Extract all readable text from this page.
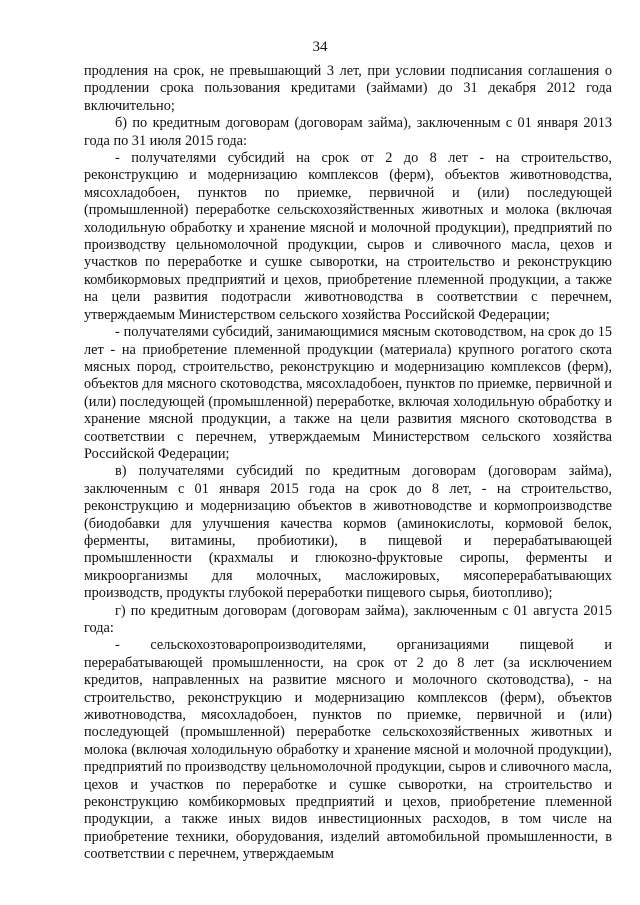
34

продления на срок, не превышающий 3 лет, при условии подписания соглашения о продлении срока пользования кредитами (займами) до 31 декабря 2012 года включительно;

б) по кредитным договорам (договорам займа), заключенным с 01 января 2013 года по 31 июля 2015 года:

- получателями субсидий на срок от 2 до 8 лет - на строительство, реконструкцию и модернизацию комплексов (ферм), объектов животноводства, мясохладобоен, пунктов по приемке, первичной и (или) последующей (промышленной) переработке сельскохозяйственных животных и молока (включая холодильную обработку и хранение мясной и молочной продукции), предприятий по производству цельномолочной продукции, сыров и сливочного масла, цехов и участков по переработке и сушке сыворотки, на строительство и реконструкцию комбикормовых предприятий и цехов, приобретение племенной продукции, а также на цели развития подотрасли животноводства в соответствии с перечнем, утверждаемым Министерством сельского хозяйства Российской Федерации;

- получателями субсидий, занимающимися мясным скотоводством, на срок до 15 лет - на приобретение племенной продукции (материала) крупного рогатого скота мясных пород, строительство, реконструкцию и модернизацию комплексов (ферм), объектов для мясного скотоводства, мясохладобоен, пунктов по приемке, первичной и (или) последующей (промышленной) переработке, включая холодильную обработку и хранение мясной продукции, а также на цели развития мясного скотоводства в соответствии с перечнем, утверждаемым Министерством сельского хозяйства Российской Федерации;

в) получателями субсидий по кредитным договорам (договорам займа), заключенным с 01 января 2015 года на срок до 8 лет, - на строительство, реконструкцию и модернизацию объектов в животноводстве и кормопроизводстве (биодобавки для улучшения качества кормов (аминокислоты, кормовой белок, ферменты, витамины, пробиотики), в пищевой и перерабатывающей промышленности (крахмалы и глюкозно-фруктовые сиропы, ферменты и микроорганизмы для молочных, масложировых, мясоперерабатывающих производств, продукты глубокой переработки пищевого сырья, биотопливо);

г) по кредитным договорам (договорам займа), заключенным с 01 августа 2015 года:

- сельскохозтоваропроизводителями, организациями пищевой и перерабатывающей промышленности, на срок от 2 до 8 лет (за исключением кредитов, направленных на развитие мясного и молочного скотоводства), - на строительство, реконструкцию и модернизацию комплексов (ферм), объектов животноводства, мясохладобоен, пунктов по приемке, первичной и (или) последующей (промышленной) переработке сельскохозяйственных животных и молока (включая холодильную обработку и хранение мясной и молочной продукции), предприятий по производству цельномолочной продукции, сыров и сливочного масла, цехов и участков по переработке и сушке сыворотки, на строительство и реконструкцию комбикормовых предприятий и цехов, приобретение племенной продукции, а также иных видов инвестиционных расходов, в том числе на приобретение техники, оборудования, изделий автомобильной промышленности, в соответствии с перечнем, утверждаемым
